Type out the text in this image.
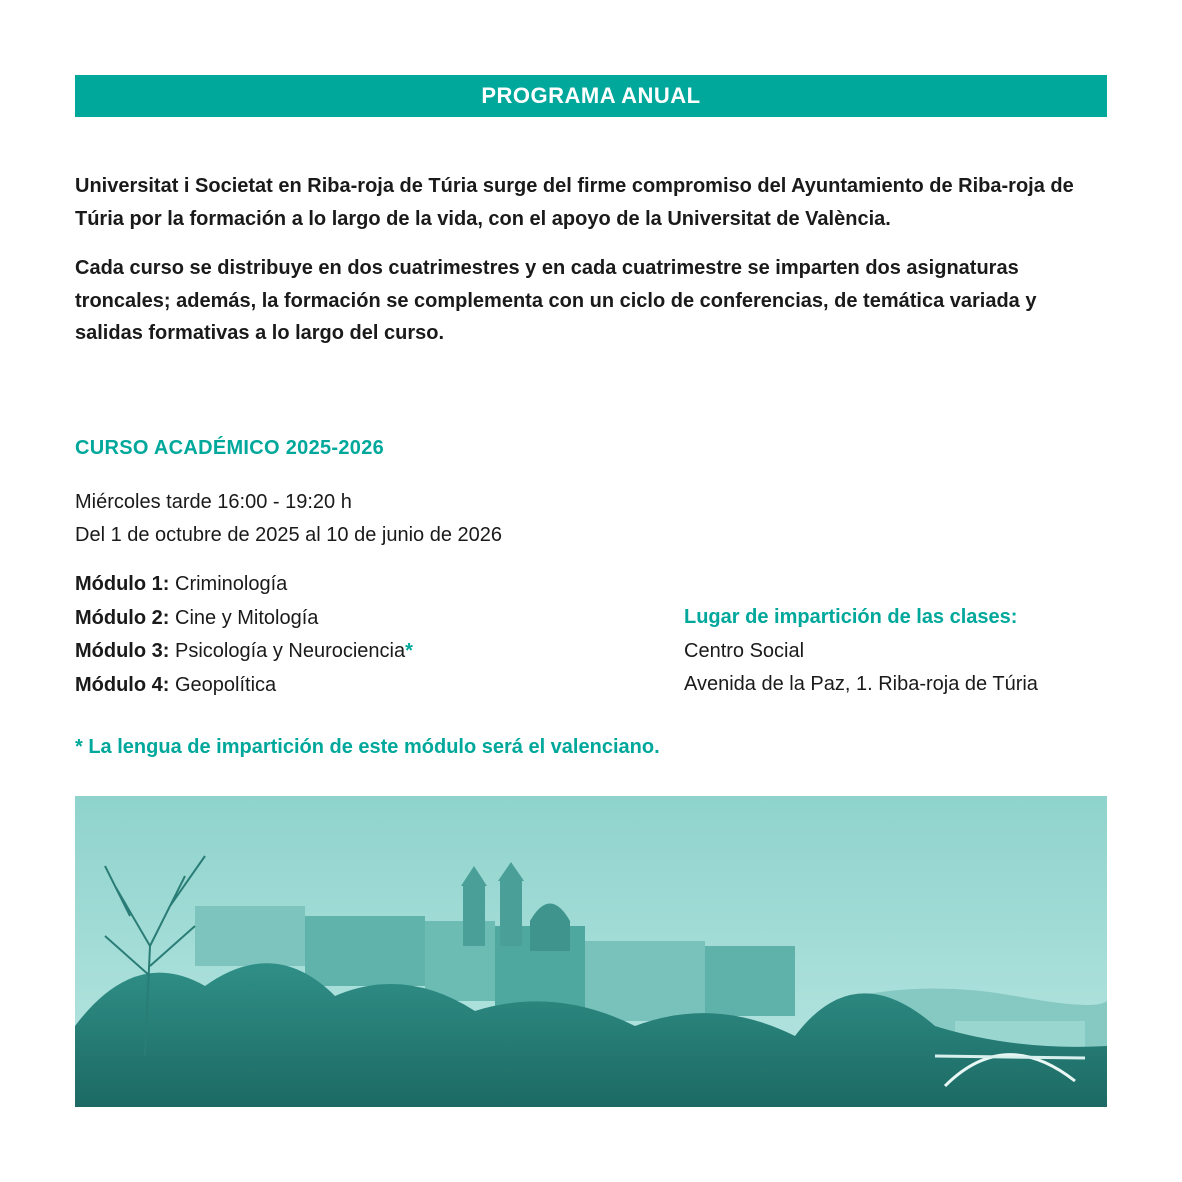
PROGRAMA ANUAL

Universitat i Societat en Riba-roja de Túria surge del firme compromiso del Ayuntamiento de Riba-roja de Túria por la formación a lo largo de la vida, con el apoyo de la Universitat de València.

Cada curso se distribuye en dos cuatrimestres y en cada cuatrimestre se imparten dos asignaturas troncales; además, la formación se complementa con un ciclo de conferencias, de temática variada y salidas formativas a lo largo del curso.

CURSO ACADÉMICO 2025-2026
Miércoles tarde 16:00 - 19:20 h
Del 1 de octubre de 2025 al 10 de junio de 2026
Módulo 1: Criminología
Módulo 2: Cine y Mitología
Módulo 3: Psicología y Neurociencia*
Módulo 4: Geopolítica
Lugar de impartición de las clases:
Centro Social
Avenida de la Paz, 1. Riba-roja de Túria
* La lengua de impartición de este módulo será el valenciano.
